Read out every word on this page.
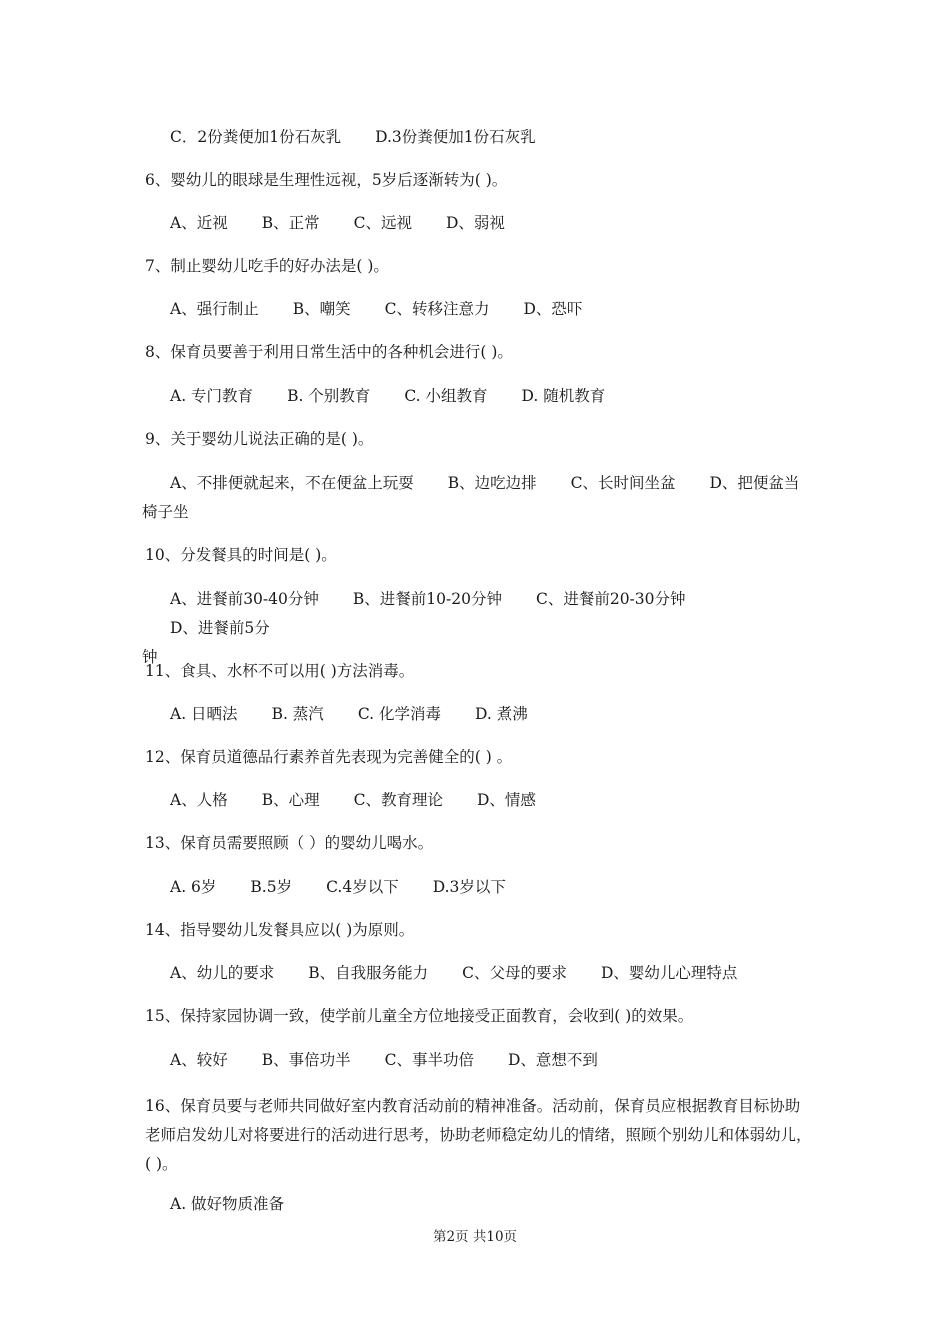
C．2份粪便加1份石灰乳 D.3份粪便加1份石灰乳
6、婴幼儿的眼球是生理性远视，5岁后逐渐转为( )。
A、近视 B、正常 C、远视 D、弱视
7、制止婴幼儿吃手的好办法是( )。
A、强行制止 B、嘲笑 C、转移注意力 D、恐吓
8、保育员要善于利用日常生活中的各种机会进行( )。
A. 专门教育 B. 个别教育 C. 小组教育 D. 随机教育
9、关于婴幼儿说法正确的是( )。
A、不排便就起来，不在便盆上玩耍 B、边吃边排 C、长时间坐盆 D、把便盆当
椅子坐
10、分发餐具的时间是( )。
A、进餐前30-40分钟 B、进餐前10-20分钟 C、进餐前20-30分钟D、进餐前5分
钟
11、食具、水杯不可以用( )方法消毒。
A. 日晒法 B. 蒸汽 C. 化学消毒 D. 煮沸
12、保育员道德品行素养首先表现为完善健全的( ) 。
A、人格 B、心理 C、教育理论 D、情感
13、保育员需要照顾（ ）的婴幼儿喝水。
A. 6岁 B.5岁 C.4岁以下 D.3岁以下
14、指导婴幼儿发餐具应以( )为原则。
A、幼儿的要求 B、自我服务能力 C、父母的要求 D、婴幼儿心理特点
15、保持家园协调一致，使学前儿童全方位地接受正面教育，会收到( )的效果。
A、较好 B、事倍功半 C、事半功倍 D、意想不到
16、保育员要与老师共同做好室内教育活动前的精神准备。活动前，保育员应根据教育目标协助老师启发幼儿对将要进行的活动进行思考，协助老师稳定幼儿的情绪，照顾个别幼儿和体弱幼儿，( )。
A. 做好物质准备
第2页 共10页
